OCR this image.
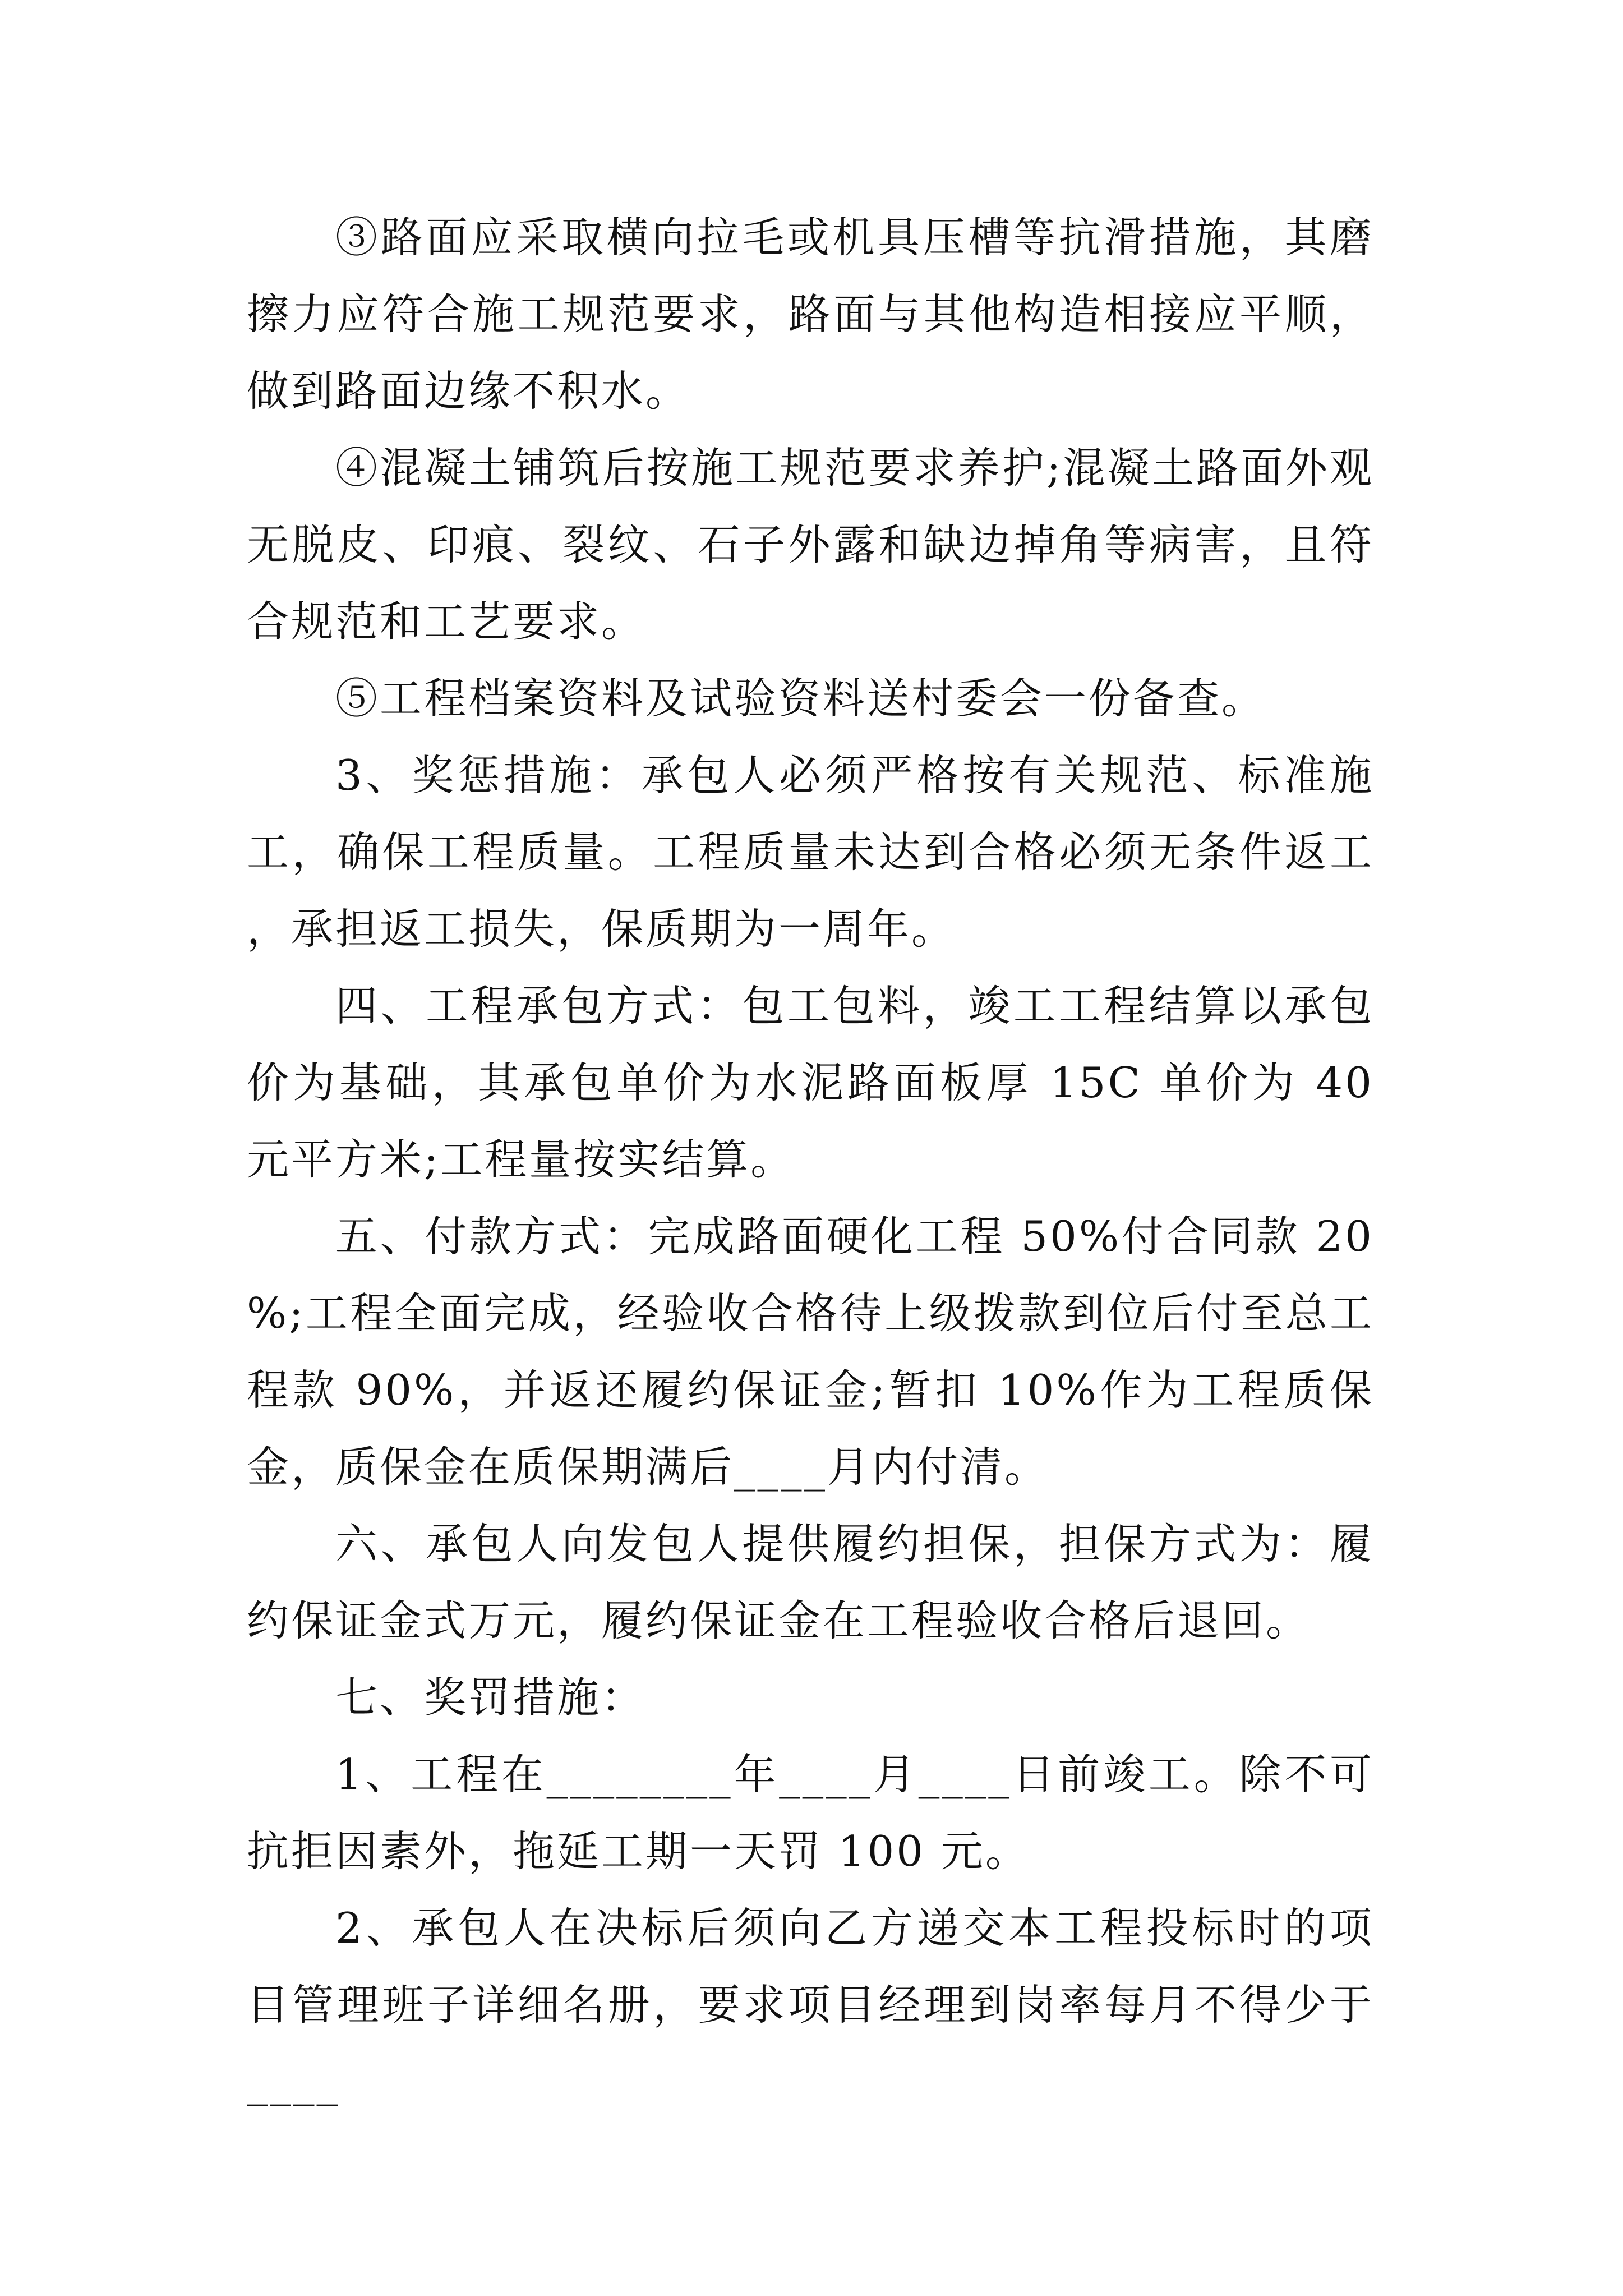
③路面应采取横向拉毛或机具压槽等抗滑措施，其磨擦力应符合施工规范要求，路面与其他构造相接应平顺，做到路面边缘不积水。

④混凝土铺筑后按施工规范要求养护;混凝土路面外观无脱皮、印痕、裂纹、石子外露和缺边掉角等病害，且符合规范和工艺要求。

⑤工程档案资料及试验资料送村委会一份备查。

3、奖惩措施：承包人必须严格按有关规范、标准施工，确保工程质量。工程质量未达到合格必须无条件返工，承担返工损失，保质期为一周年。

四、工程承包方式：包工包料，竣工工程结算以承包价为基础，其承包单价为水泥路面板厚 15C 单价为 40 元平方米;工程量按实结算。

五、付款方式：完成路面硬化工程 50%付合同款 20%;工程全面完成，经验收合格待上级拨款到位后付至总工程款 90%，并返还履约保证金;暂扣 10%作为工程质保金，质保金在质保期满后____月内付清。

六、承包人向发包人提供履约担保，担保方式为：履约保证金式万元，履约保证金在工程验收合格后退回。

七、奖罚措施：

1、工程在________年____月____日前竣工。除不可抗拒因素外，拖延工期一天罚 100 元。

2、承包人在决标后须向乙方递交本工程投标时的项目管理班子详细名册，要求项目经理到岗率每月不得少于____
